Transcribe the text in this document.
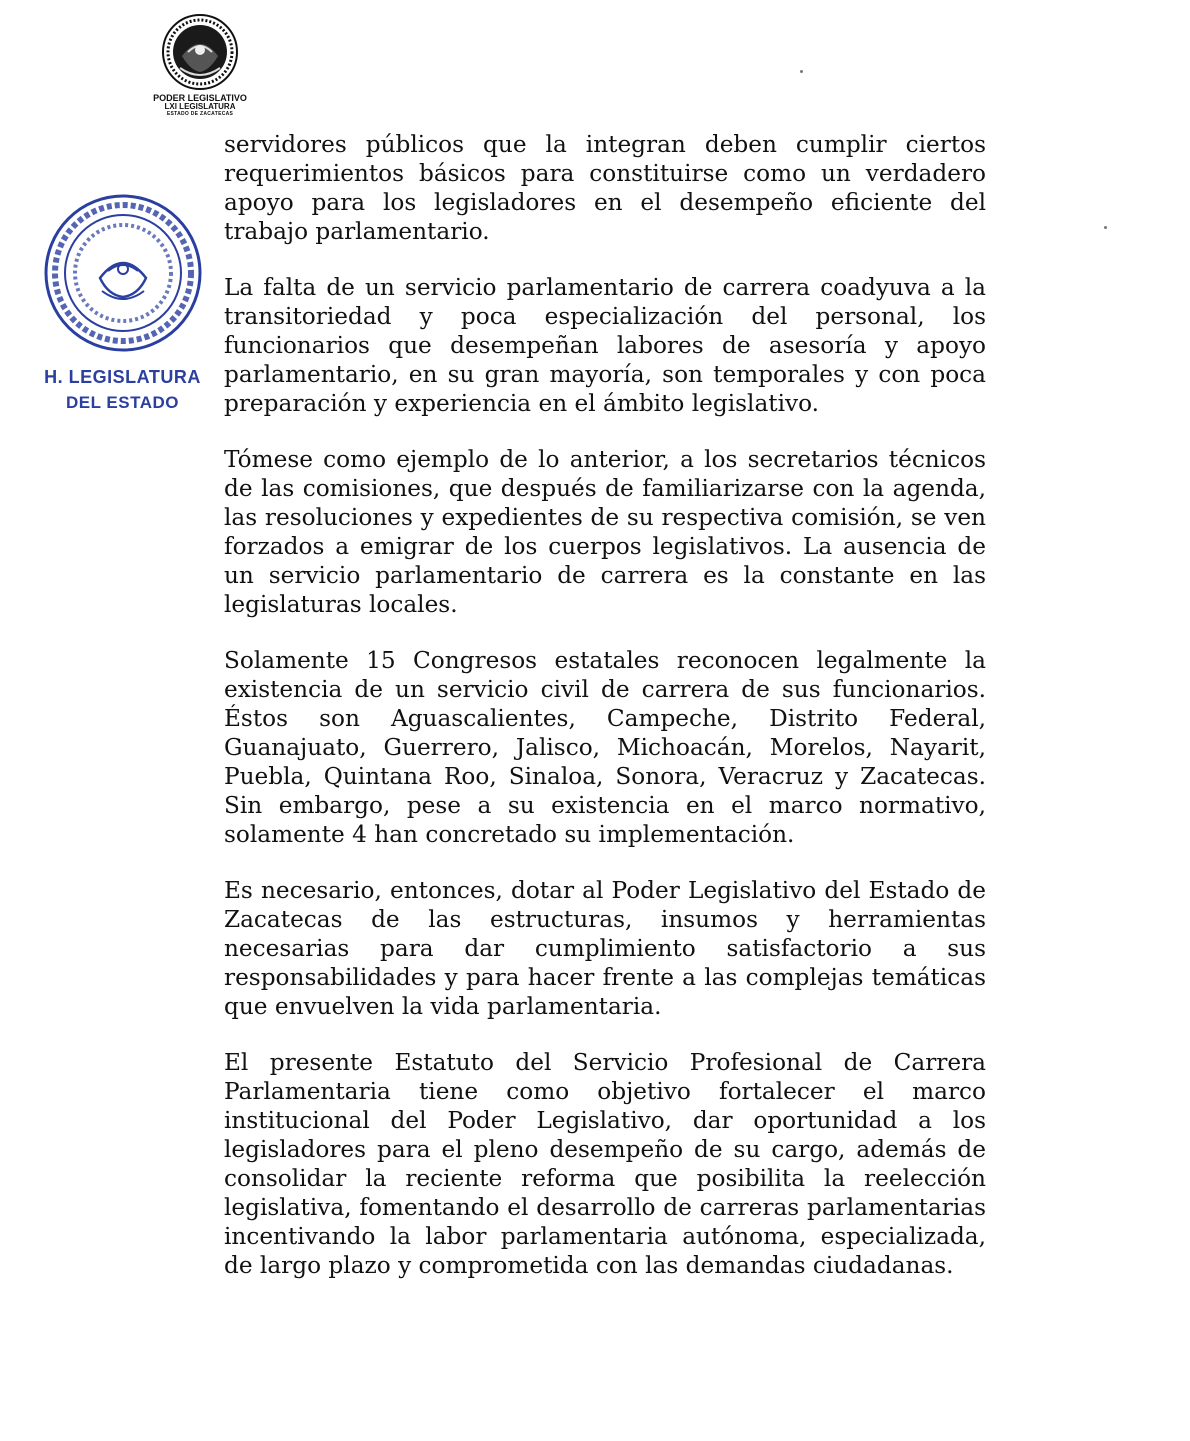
PODER LEGISLATIVO
LXI LEGISLATURA
ESTADO DE ZACATECAS
H. LEGISLATURA
DEL ESTADO

servidores públicos que la integran deben cumplir ciertos requerimientos básicos para constituirse como un verdadero apoyo para los legisladores en el desempeño eficiente del trabajo parlamentario.

La falta de un servicio parlamentario de carrera coadyuva a la transitoriedad y poca especialización del personal, los funcionarios que desempeñan labores de asesoría y apoyo parlamentario, en su gran mayoría, son temporales y con poca preparación y experiencia en el ámbito legislativo.

Tómese como ejemplo de lo anterior, a los secretarios técnicos de las comisiones, que después de familiarizarse con la agenda, las resoluciones y expedientes de su respectiva comisión, se ven forzados a emigrar de los cuerpos legislativos. La ausencia de un servicio parlamentario de carrera es la constante en las legislaturas locales.

Solamente 15 Congresos estatales reconocen legalmente la existencia de un servicio civil de carrera de sus funcionarios. Éstos son Aguascalientes, Campeche, Distrito Federal, Guanajuato, Guerrero, Jalisco, Michoacán, Morelos, Nayarit, Puebla, Quintana Roo, Sinaloa, Sonora, Veracruz y Zacatecas. Sin embargo, pese a su existencia en el marco normativo, solamente 4 han concretado su implementación.

Es necesario, entonces, dotar al Poder Legislativo del Estado de Zacatecas de las estructuras, insumos y herramientas necesarias para dar cumplimiento satisfactorio a sus responsabilidades y para hacer frente a las complejas temáticas que envuelven la vida parlamentaria.

El presente Estatuto del Servicio Profesional de Carrera Parlamentaria tiene como objetivo fortalecer el marco institucional del Poder Legislativo, dar oportunidad a los legisladores para el pleno desempeño de su cargo, además de consolidar la reciente reforma que posibilita la reelección legislativa, fomentando el desarrollo de carreras parlamentarias incentivando la labor parlamentaria autónoma, especializada, de largo plazo y comprometida con las demandas ciudadanas.
